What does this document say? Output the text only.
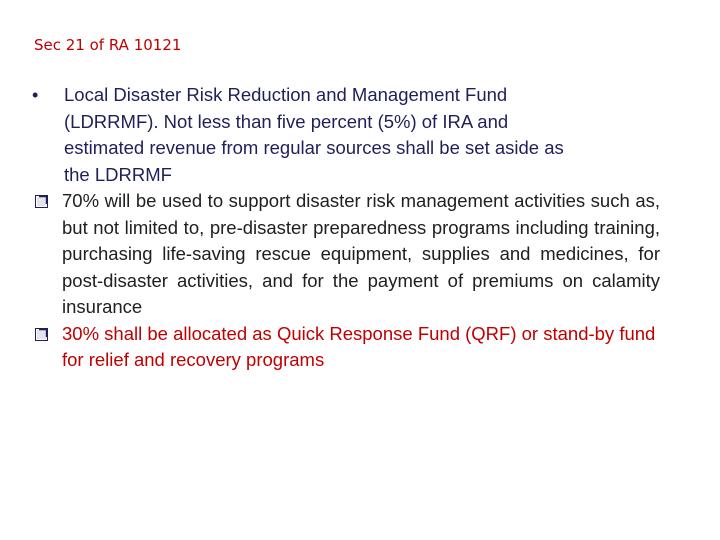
Sec 21 of RA 10121
• Local Disaster Risk Reduction and Management Fund (LDRRMF). Not less than five percent (5%) of IRA and estimated revenue from regular sources shall be set aside as the LDRRMF
70% will be used to support disaster risk management activities such as, but not limited to, pre-disaster preparedness programs including training, purchasing life-saving rescue equipment, supplies and medicines, for post-disaster activities, and for the payment of premiums on calamity insurance
30% shall be allocated as Quick Response Fund (QRF) or stand-by fund for relief and recovery programs
